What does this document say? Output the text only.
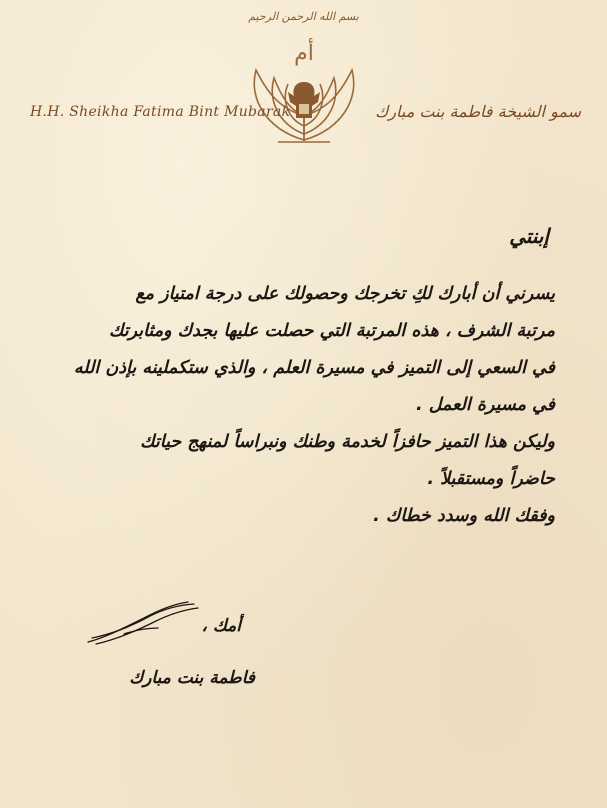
بسم الله الرحمن الرحيم
أم
H.H. Sheikha Fatima Bint Mubarak	سمو الشيخة فاطمة بنت مبارك
إبنتي
يسرني أن أبارك لكِ تخرجك وحصولك على درجة امتياز مع
مرتبة الشرف ، هذه المرتبة التي حصلت عليها بجدك ومثابرتك
في السعي إلى التميز في مسيرة العلم ، والذي ستكملينه بإذن الله
في مسيرة العمل .
وليكن هذا التميز حافزاً لخدمة وطنك ونبراساً لمنهج حياتك
حاضراً ومستقبلاً .
وفقك الله وسدد خطاك .
أمك ،
فاطمة بنت مبارك
